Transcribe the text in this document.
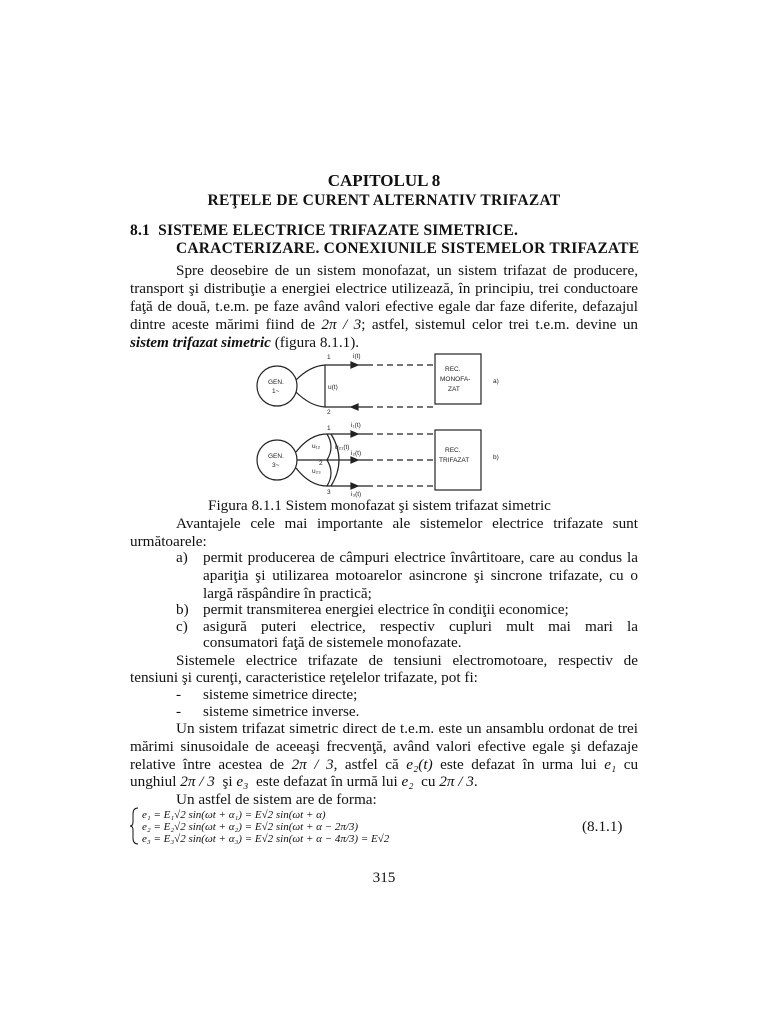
CAPITOLUL 8
REŢELE DE CURENT ALTERNATIV TRIFAZAT
8.1 SISTEME ELECTRICE TRIFAZATE SIMETRICE.
CARACTERIZARE. CONEXIUNILE SISTEMELOR TRIFAZATE
Spre deosebire de un sistem monofazat, un sistem trifazat de producere,
transport şi distribuţie a energiei electrice utilizează, în principiu, trei conductoare
faţă de două, t.e.m. pe faze având valori efective egale dar faze diferite, defazajul
dintre aceste mărimi fiind de 2π / 3; astfel, sistemul celor trei t.e.m. devine un
sistem trifazat simetric (figura 8.1.1).
GEN.
1~
1
2
i(t)
u(t)
REC.
MONOFA-
ZAT
a)
GEN.
3~
1
2
3
i₁(t)
i₂(t)
i₃(t)
u₁₂ u₂₁(t)
u₂₃
REC.
TRIFAZAT	b)
Figura 8.1.1 Sistem monofazat şi sistem trifazat simetric
Avantajele cele mai importante ale sistemelor electrice trifazate sunt
următoarele:
a) permit producerea de câmpuri electrice învârtitoare, care au condus la
apariţia şi utilizarea motoarelor asincrone şi sincrone trifazate, cu o
largă răspândire în practică;
b) permit transmiterea energiei electrice în condiţii economice;
c) asigură puteri electrice, respectiv cupluri mult mai mari la
consumatori faţă de sistemele monofazate.
Sistemele electrice trifazate de tensiuni electromotoare, respectiv de
tensiuni şi curenţi, caracteristice reţelelor trifazate, pot fi:
- sisteme simetrice directe;
- sisteme simetrice inverse.
Un sistem trifazat simetric direct de t.e.m. este un ansamblu ordonat de trei
mărimi sinusoidale de aceeaşi frecvenţă, având valori efective egale şi defazaje
relative între acestea de 2π / 3, astfel că e₂(t) este defazat în urma lui e₁ cu
unghiul 2π / 3 şi e₃ este defazat în urmă lui e₂ cu 2π / 3.
Un astfel de sistem are de forma:
e₁ = E₁√2 sin(ωt + α₁) = E√2 sin(ωt + α)
e₂ = E₂√2 sin(ωt + α₂) = E√2 sin(ωt + α − 2π/3)
e₃ = E₃√2 sin(ωt + α₃) = E√2 sin(ωt + α − 4π/3) = E√2
(8.1.1)
315
